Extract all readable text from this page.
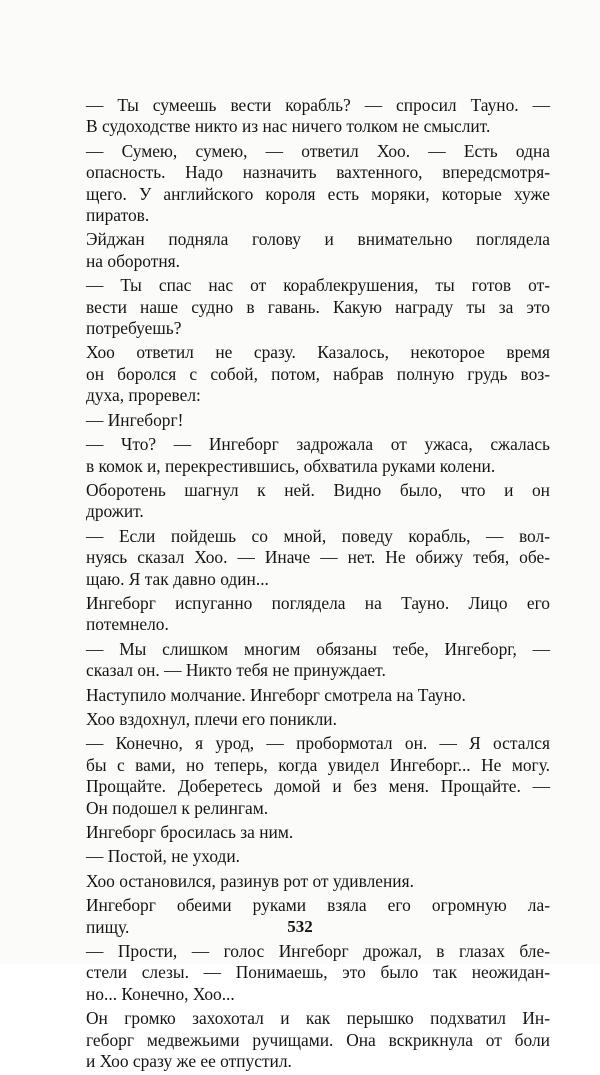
— Ты сумеешь вести корабль? — спросил Тауно. —
В судоходстве никто из нас ничего толком не смыслит.
— Сумею, сумею, — ответил Хоо. — Есть одна
опасность. Надо назначить вахтенного, впередсмотря-
щего. У английского короля есть моряки, которые хуже
пиратов.
Эйджан подняла голову и внимательно поглядела
на оборотня.
— Ты спас нас от кораблекрушения, ты готов от-
вести наше судно в гавань. Какую награду ты за это
потребуешь?
Хоо ответил не сразу. Казалось, некоторое время
он боролся с собой, потом, набрав полную грудь воз-
духа, проревел:
— Ингеборг!
— Что? — Ингеборг задрожала от ужаса, сжалась
в комок и, перекрестившись, обхватила руками колени.
Оборотень шагнул к ней. Видно было, что и он
дрожит.
— Если пойдешь со мной, поведу корабль, — вол-
нуясь сказал Хоо. — Иначе — нет. Не обижу тебя, обе-
щаю. Я так давно один...
Ингеборг испуганно поглядела на Тауно. Лицо его
потемнело.
— Мы слишком многим обязаны тебе, Ингеборг, —
сказал он. — Никто тебя не принуждает.
Наступило молчание. Ингеборг смотрела на Тауно.
Хоо вздохнул, плечи его поникли.
— Конечно, я урод, — пробормотал он. — Я остался
бы с вами, но теперь, когда увидел Ингеборг... Не могу.
Прощайте. Доберетесь домой и без меня. Прощайте. —
Он подошел к релингам.
Ингеборг бросилась за ним.
— Постой, не уходи.
Хоо остановился, разинув рот от удивления.
Ингеборг обеими руками взяла его огромную ла-
пищу.
— Прости, — голос Ингеборг дрожал, в глазах бле-
стели слезы. — Понимаешь, это было так неожидан-
но... Конечно, Хоо...
Он громко захохотал и как перышко подхватил Ин-
геборг медвежьими ручищами. Она вскрикнула от боли
и Хоо сразу же ее отпустил.
532
